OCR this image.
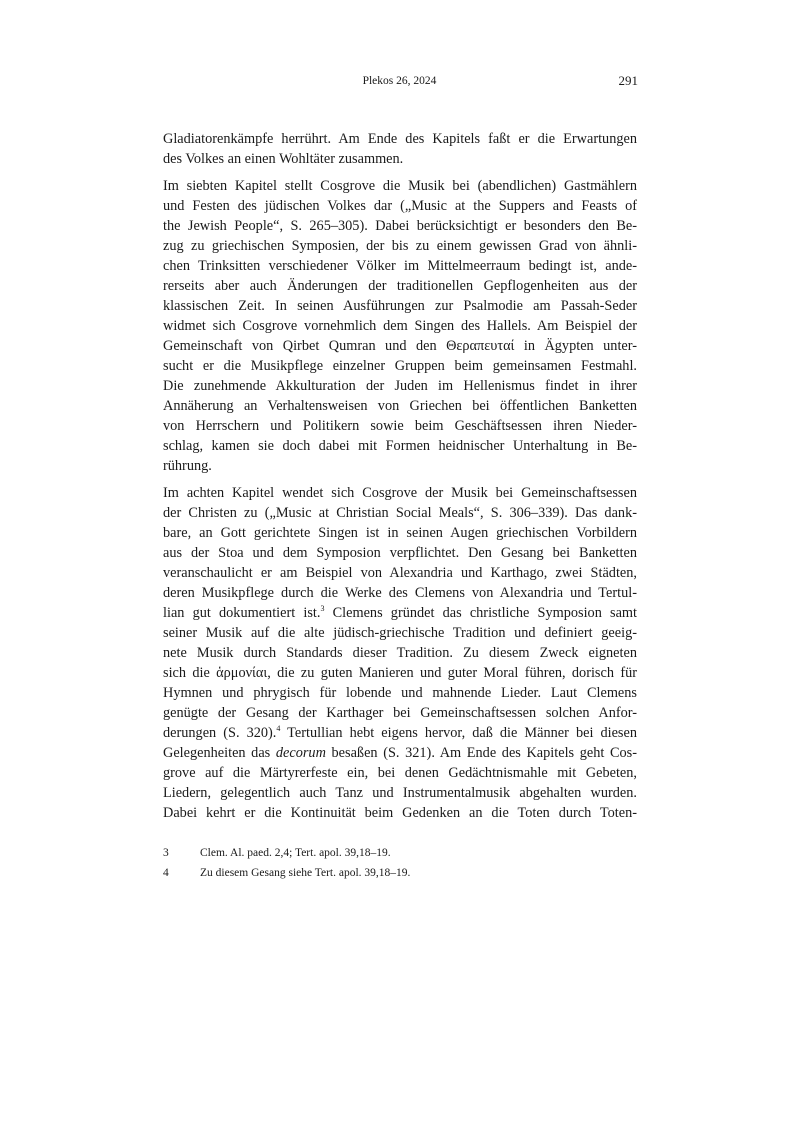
Plekos 26, 2024	291
Gladiatorenkämpfe herrührt. Am Ende des Kapitels faßt er die Erwartungen
des Volkes an einen Wohltäter zusammen.
Im siebten Kapitel stellt Cosgrove die Musik bei (abendlichen) Gastmählern
und Festen des jüdischen Volkes dar („Music at the Suppers and Feasts of
the Jewish People“, S. 265–305). Dabei berücksichtigt er besonders den Be-
zug zu griechischen Symposien, der bis zu einem gewissen Grad von ähnli-
chen Trinksitten verschiedener Völker im Mittelmeerraum bedingt ist, ande-
rerseits aber auch Änderungen der traditionellen Gepflogenheiten aus der
klassischen Zeit. In seinen Ausführungen zur Psalmodie am Passah-Seder
widmet sich Cosgrove vornehmlich dem Singen des Hallels. Am Beispiel der
Gemeinschaft von Qirbet Qumran und den Θεραπευταί in Ägypten unter-
sucht er die Musikpflege einzelner Gruppen beim gemeinsamen Festmahl.
Die zunehmende Akkulturation der Juden im Hellenismus findet in ihrer
Annäherung an Verhaltensweisen von Griechen bei öffentlichen Banketten
von Herrschern und Politikern sowie beim Geschäftsessen ihren Nieder-
schlag, kamen sie doch dabei mit Formen heidnischer Unterhaltung in Be-
rührung.
Im achten Kapitel wendet sich Cosgrove der Musik bei Gemeinschaftsessen
der Christen zu („Music at Christian Social Meals“, S. 306–339). Das dank-
bare, an Gott gerichtete Singen ist in seinen Augen griechischen Vorbildern
aus der Stoa und dem Symposion verpflichtet. Den Gesang bei Banketten
veranschaulicht er am Beispiel von Alexandria und Karthago, zwei Städten,
deren Musikpflege durch die Werke des Clemens von Alexandria und Tertul-
lian gut dokumentiert ist.$^3$ Clemens gründet das christliche Symposion samt
seiner Musik auf die alte jüdisch-griechische Tradition und definiert geeig-
nete Musik durch Standards dieser Tradition. Zu diesem Zweck eigneten
sich die ἁρμονίαι, die zu guten Manieren und guter Moral führen, dorisch für
Hymnen und phrygisch für lobende und mahnende Lieder. Laut Clemens
genügte der Gesang der Karthager bei Gemeinschaftsessen solchen Anfor-
derungen (S. 320).$^4$ Tertullian hebt eigens hervor, daß die Männer bei diesen
Gelegenheiten das decorum besaßen (S. 321). Am Ende des Kapitels geht Cos-
grove auf die Märtyrerfeste ein, bei denen Gedächtnismahle mit Gebeten,
Liedern, gelegentlich auch Tanz und Instrumentalmusik abgehalten wurden.
Dabei kehrt er die Kontinuität beim Gedenken an die Toten durch Toten-
3	Clem. Al. paed. 2,4; Tert. apol. 39,18–19.
4	Zu diesem Gesang siehe Tert. apol. 39,18–19.
